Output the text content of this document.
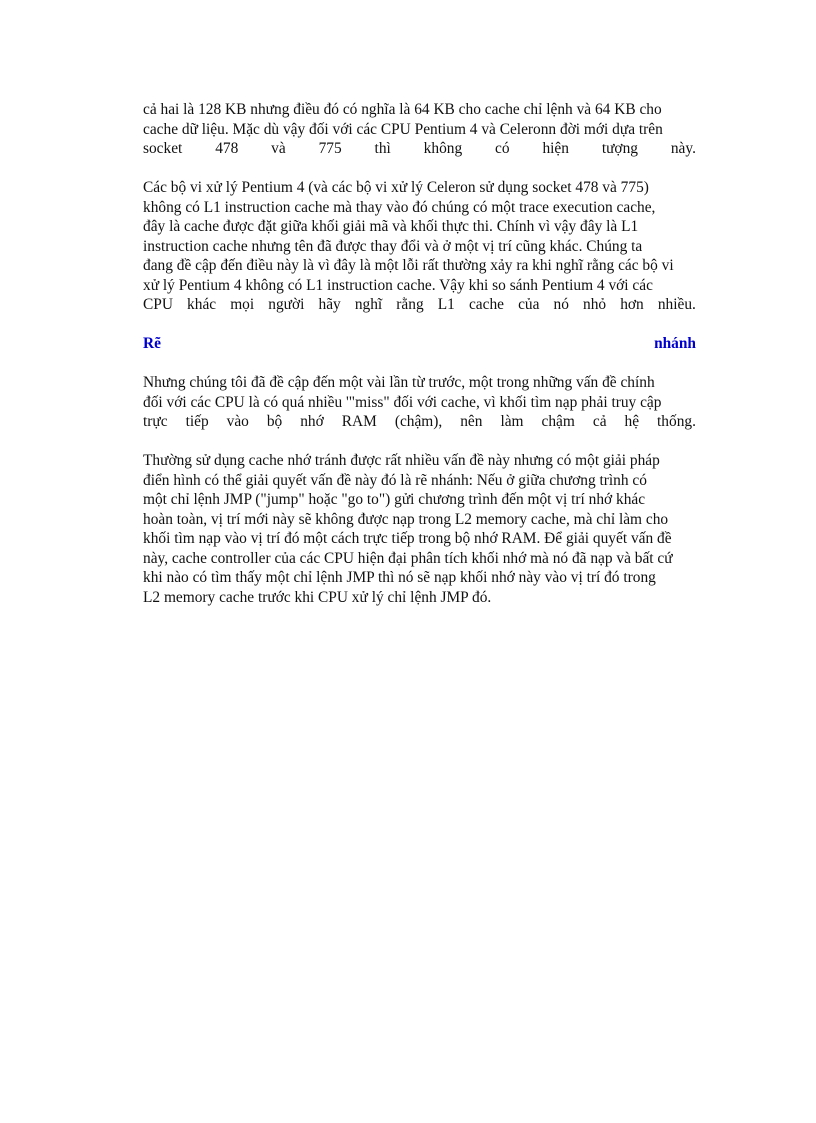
cả hai là 128 KB nhưng điều đó có nghĩa là 64 KB cho cache chỉ lệnh và 64 KB cho
cache dữ liệu. Mặc dù vậy đối với các CPU Pentium 4 và Celeronn đời mới dựa trên
socket 478 và 775 thì không có hiện tượng này.
Các bộ vi xử lý Pentium 4 (và các bộ vi xử lý Celeron sử dụng socket 478 và 775)
không có L1 instruction cache mà thay vào đó chúng có một trace execution cache,
đây là cache được đặt giữa khối giải mã và khối thực thi. Chính vì vậy đây là L1
instruction cache nhưng tên đã được thay đổi và ở một vị trí cũng khác. Chúng ta
đang đề cập đến điều này là vì đây là một lỗi rất thường xảy ra khi nghĩ rằng các bộ vi
xử lý Pentium 4 không có L1 instruction cache. Vậy khi so sánh Pentium 4 với các
CPU khác mọi người hãy nghĩ rằng L1 cache của nó nhỏ hơn nhiều.
Rẽ	nhánh
Nhưng chúng tôi đã đề cập đến một vài lần từ trước, một trong những vấn đề chính
đối với các CPU là có quá nhiều '"miss" đối với cache, vì khối tìm nạp phải truy cập
trực tiếp vào bộ nhớ RAM (chậm), nên làm chậm cả hệ thống.
Thường sử dụng cache nhớ tránh được rất nhiều vấn đề này nhưng có một giải pháp
điển hình có thể giải quyết vấn đề này đó là rẽ nhánh: Nếu ở giữa chương trình có
một chỉ lệnh JMP ("jump" hoặc "go to") gửi chương trình đến một vị trí nhớ khác
hoàn toàn, vị trí mới này sẽ không được nạp trong L2 memory cache, mà chỉ làm cho
khối tìm nạp vào vị trí đó một cách trực tiếp trong bộ nhớ RAM. Để giải quyết vấn đề
này, cache controller của các CPU hiện đại phân tích khối nhớ mà nó đã nạp và bất cứ
khi nào có tìm thấy một chỉ lệnh JMP thì nó sẽ nạp khối nhớ này vào vị trí đó trong
L2 memory cache trước khi CPU xử lý chỉ lệnh JMP đó.
